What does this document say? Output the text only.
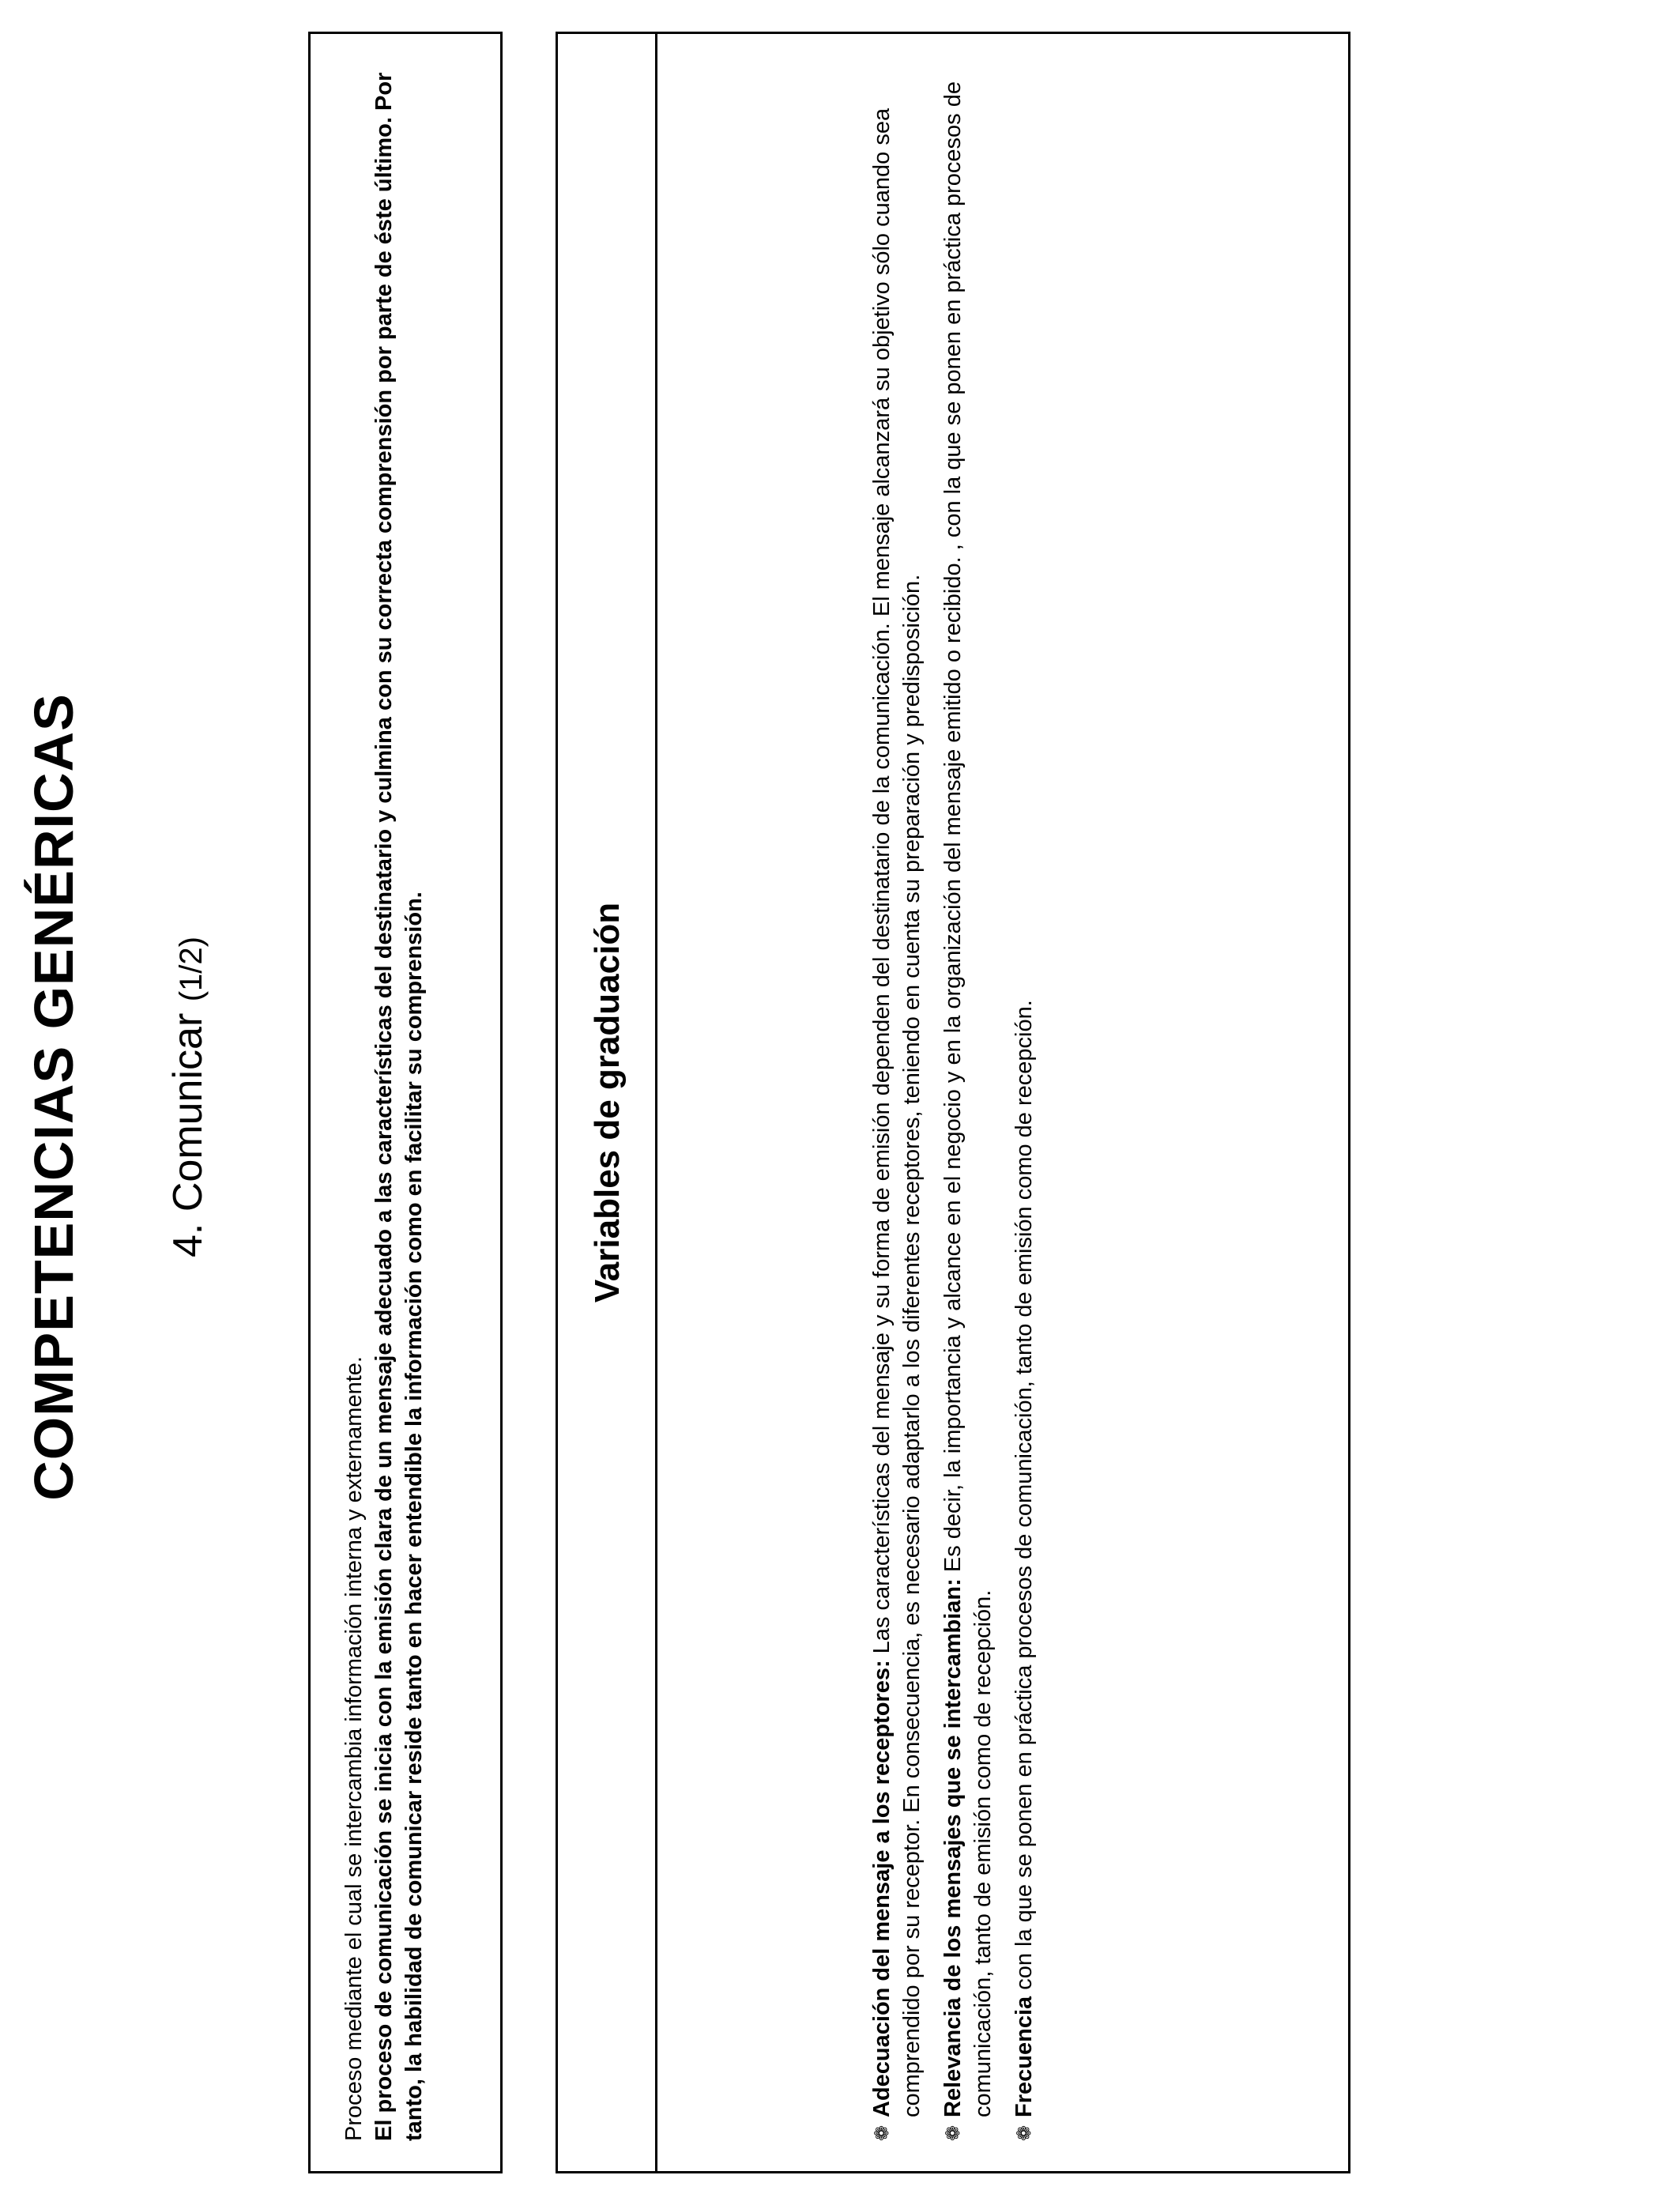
COMPETENCIAS GENÉRICAS 4. Comunicar (1/2)
Proceso mediante el cual se intercambia información interna y externamente. El proceso de comunicación se inicia con la emisión clara de un mensaje adecuado a las características del destinatario y culmina con su correcta comprensión por parte de éste último. Por tanto, la habilidad de comunicar reside tanto en hacer entendible la información como en facilitar su comprensión.	Variables de graduación
❁
Adecuación del mensaje a los receptores: Las características del mensaje y su forma de emisión dependen del destinatario de la comunicación. El mensaje alcanzará su objetivo sólo cuando sea comprendido por su receptor. En consecuencia, es necesario adaptarlo a los diferentes receptores, teniendo en cuenta su preparación y predisposición.
❁
Relevancia de los mensajes que se intercambian: Es decir, la importancia y alcance en el negocio y en la organización del mensaje emitido o recibido. , con la que se ponen en práctica procesos de comunicación, tanto de emisión como de recepción.
❁
Frecuencia con la que se ponen en práctica procesos de comunicación, tanto de emisión como de recepción.
